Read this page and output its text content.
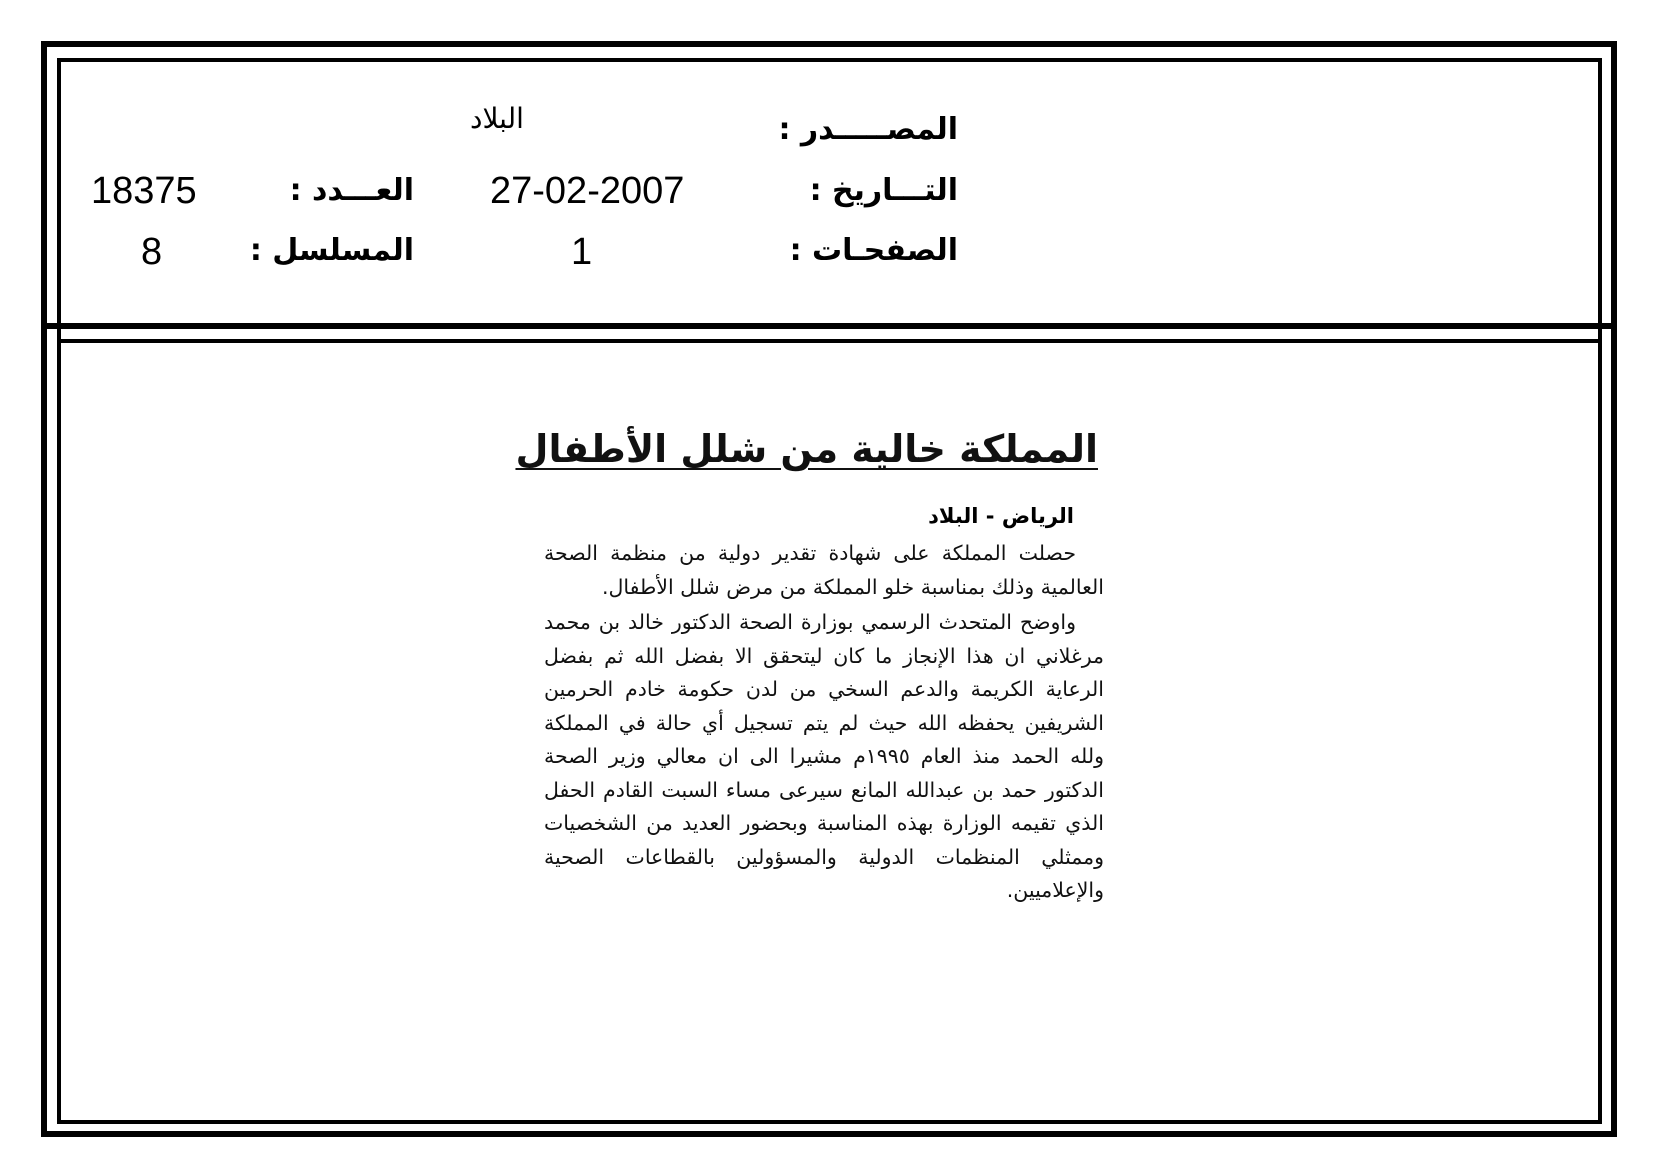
المصـــــدر :
البلاد
التـــاريخ :
27-02-2007
الصفحـات :
1
العـــدد :
18375
المسلسل :
8
المملكة خالية من شلل الأطفال
الرياض - البلاد

حصلت المملكة على شهادة تقدير دولية من منظمة الصحة العالمية وذلك بمناسبة خلو المملكة من مرض شلل الأطفال.

واوضح المتحدث الرسمي بوزارة الصحة الدكتور خالد بن محمد مرغلاني ان هذا الإنجاز ما كان ليتحقق الا بفضل الله ثم بفضل الرعاية الكريمة والدعم السخي من لدن حكومة خادم الحرمين الشريفين يحفظه الله حيث لم يتم تسجيل أي حالة في المملكة ولله الحمد منذ العام ١٩٩٥م مشيرا الى ان معالي وزير الصحة الدكتور حمد بن عبدالله المانع سيرعى مساء السبت القادم الحفل الذي تقيمه الوزارة بهذه المناسبة وبحضور العديد من الشخصيات وممثلي المنظمات الدولية والمسؤولين بالقطاعات الصحية والإعلاميين.
